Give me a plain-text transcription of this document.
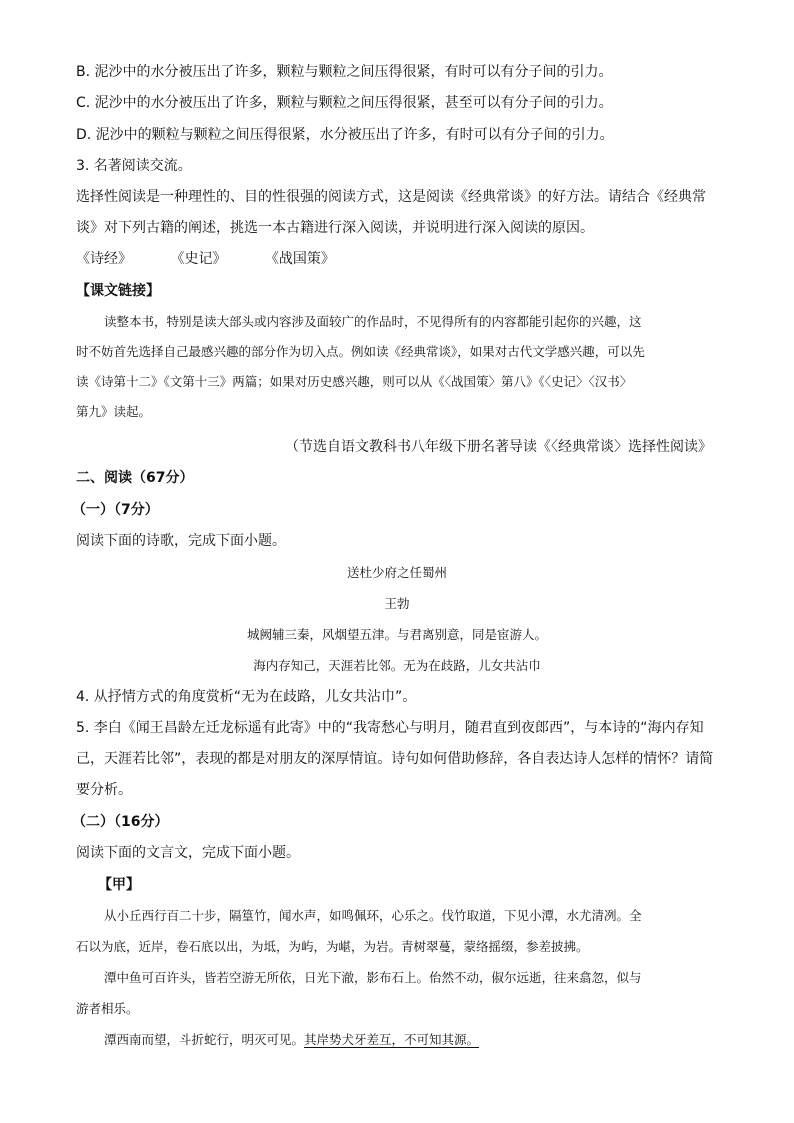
B. 泥沙中的水分被压出了许多，颗粒与颗粒之间压得很紧，有时可以有分子间的引力。
C. 泥沙中的水分被压出了许多，颗粒与颗粒之间压得很紧，甚至可以有分子间的引力。
D. 泥沙中的颗粒与颗粒之间压得很紧，水分被压出了许多，有时可以有分子间的引力。
3. 名著阅读交流。
选择性阅读是一种理性的、目的性很强的阅读方式，这是阅读《经典常谈》的好方法。请结合《经典常
谈》对下列古籍的阐述，挑选一本古籍进行深入阅读，并说明进行深入阅读的原因。
《诗经》	《史记》	《战国策》
【课文链接】
读整本书，特别是读大部头或内容涉及面较广的作品时，不见得所有的内容都能引起你的兴趣，这
时不妨首先选择自己最感兴趣的部分作为切入点。例如读《经典常谈》，如果对古代文学感兴趣，可以先
读《诗第十二》《文第十三》两篇；如果对历史感兴趣，则可以从《〈战国策〉第八》《〈史记〉〈汉书〉
第九》读起。
（节选自语文教科书八年级下册名著导读《〈经典常谈〉选择性阅读》
二、阅读（67分）
（一）（7分）
阅读下面的诗歌，完成下面小题。
送杜少府之任蜀州
王勃
城阙辅三秦，风烟望五津。与君离别意，同是宦游人。
海内存知己，天涯若比邻。无为在歧路，儿女共沾巾
4. 从抒情方式的角度赏析“无为在歧路，儿女共沾巾”。
5. 李白《闻王昌龄左迁龙标遥有此寄》中的“我寄愁心与明月，随君直到夜郎西”，与本诗的“海内存知
己，天涯若比邻”，表现的都是对朋友的深厚情谊。诗句如何借助修辞，各自表达诗人怎样的情怀？请简
要分析。
（二）（16分）
阅读下面的文言文，完成下面小题。
【甲】
从小丘西行百二十步，隔篁竹，闻水声，如鸣佩环，心乐之。伐竹取道，下见小潭，水尤清冽。全
石以为底，近岸，卷石底以出，为坻，为屿，为嵁，为岩。青树翠蔓，蒙络摇缀，参差披拂。
潭中鱼可百许头，皆若空游无所依，日光下澈，影布石上。佁然不动，俶尔远逝，往来翕忽，似与
游者相乐。
潭西南而望，斗折蛇行，明灭可见。其岸势犬牙差互，不可知其源。
